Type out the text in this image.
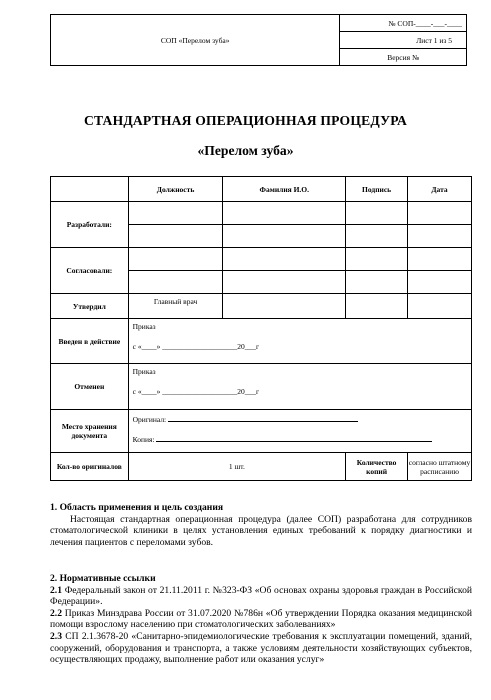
СОП «Перелом зуба»	№ СОП-____-___-____
Лист 1 из 5
Версия №
СТАНДАРТНАЯ ОПЕРАЦИОННАЯ ПРОЦЕДУРА
«Перелом зуба»
	Должность	Фамилия И.О.	Подпись	Дата
Разработали:				

Согласовали:				

Утвердил	Главный врач			
Введен в действие	Приказ
с «____» ____________________20___г			

Отменен	Приказ
с «____» ____________________20___г			

Место хранения документа	Оригинал:
Копия:			

Кол-во оригиналов	1 шт.		Количество копий	согласно штатному расписанию
1. Область применения и цель создания
Настоящая стандартная операционная процедура (далее СОП) разработана для сотрудников стоматологической клиники в целях установления единых требований к порядку диагностики и лечения пациентов с переломами зубов.
2. Нормативные ссылки
2.1 Федеральный закон от 21.11.2011 г. №323-ФЗ «Об основах охраны здоровья граждан в Российской Федерации».
2.2 Приказ Минздрава России от 31.07.2020 №786н «Об утверждении Порядка оказания медицинской помощи взрослому населению при стоматологических заболеваниях»
2.3 СП 2.1.3678-20 «Санитарно-эпидемиологические требования к эксплуатации помещений, зданий, сооружений, оборудования и транспорта, а также условиям деятельности хозяйствующих субъектов, осуществляющих продажу, выполнение работ или оказания услуг»
